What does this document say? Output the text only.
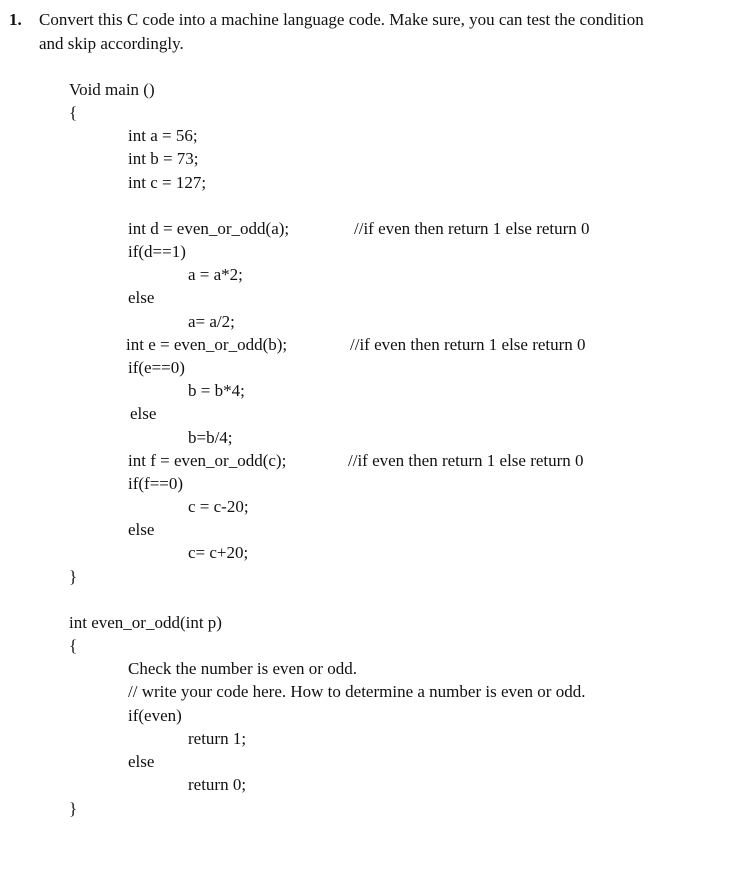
1. Convert this C code into a machine language code. Make sure, you can test the condition
and skip accordingly.
Void main ()
{
int a = 56;
int b = 73;
int c = 127;
int d = even_or_odd(a);	//if even then return 1 else return 0
if(d==1)
a = a*2;
else
a= a/2;
int e = even_or_odd(b);	//if even then return 1 else return 0
if(e==0)
b = b*4;
else
b=b/4;
int f = even_or_odd(c);	//if even then return 1 else return 0
if(f==0)
c = c-20;
else
c= c+20;
}
int even_or_odd(int p)
{
Check the number is even or odd.
// write your code here. How to determine a number is even or odd.
if(even)
return 1;
else
return 0;
}
